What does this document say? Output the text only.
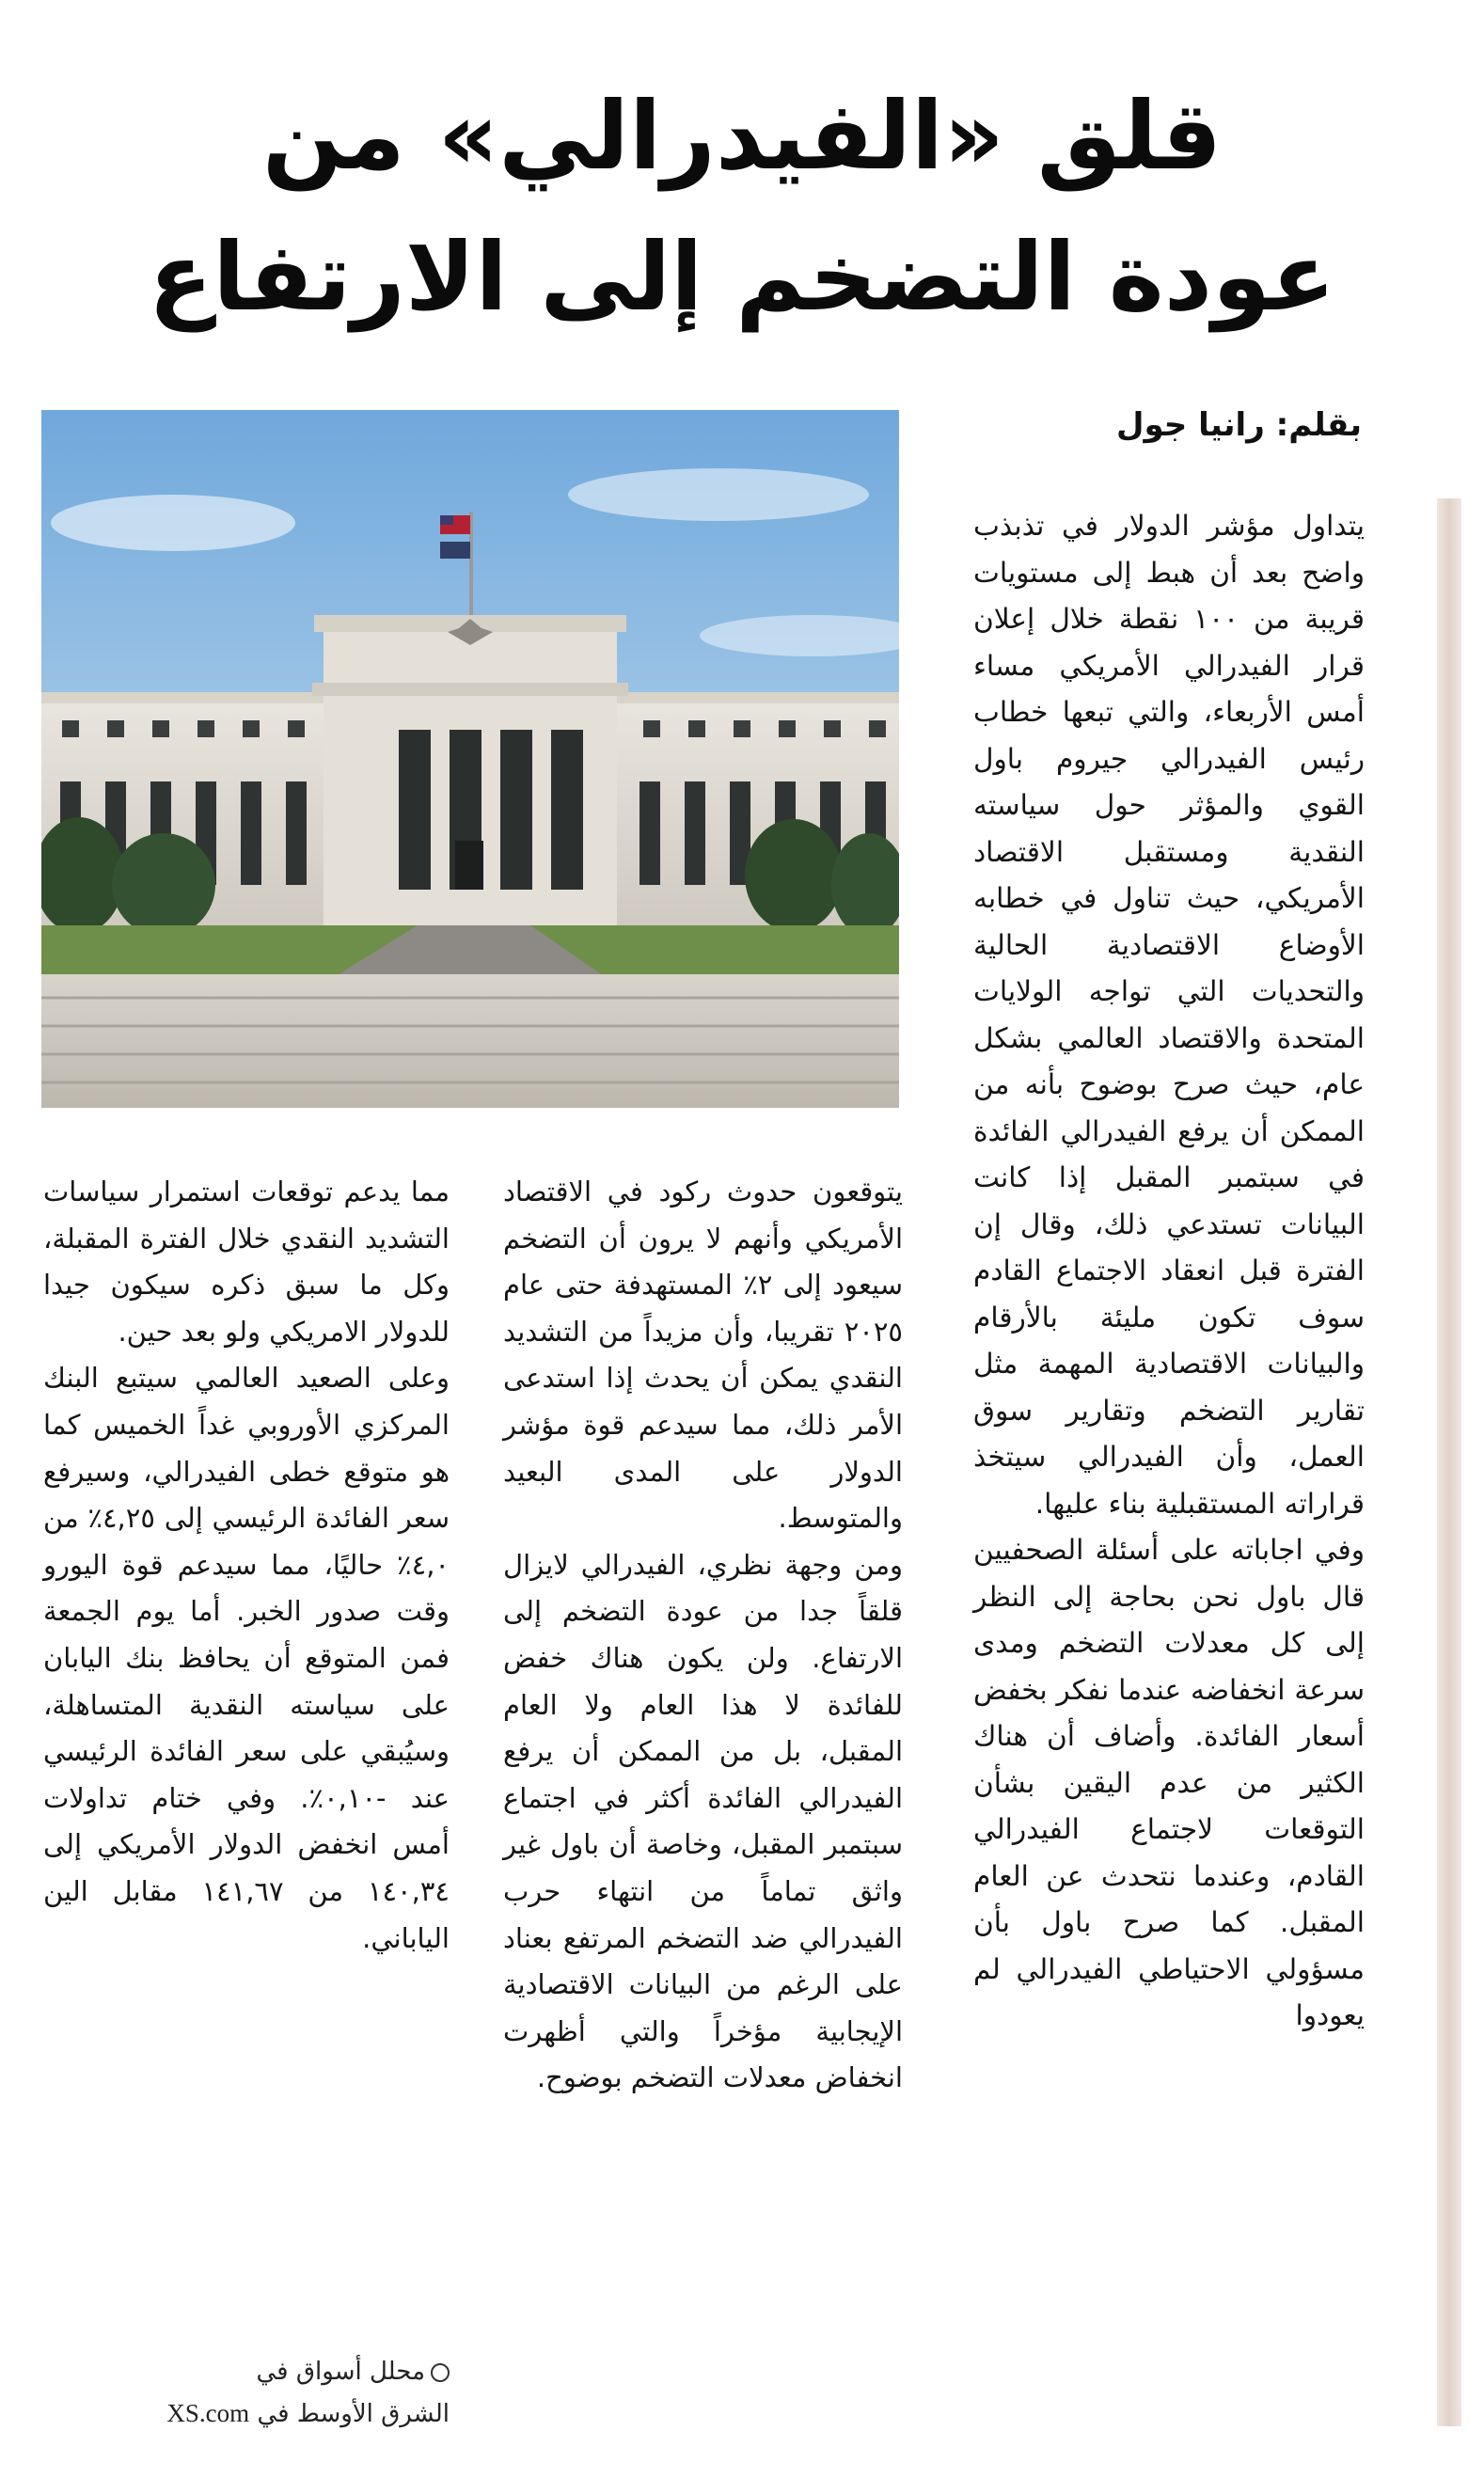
قلق «الفيدرالي» من
عودة التضخم إلى الارتفاع
بقلم: رانيا جول

يتداول مؤشر الدولار في تذبذب واضح بعد أن هبط إلى مستويات قريبة من ١٠٠ نقطة خلال إعلان قرار الفيدرالي الأمريكي مساء أمس الأربعاء، والتي تبعها خطاب رئيس الفيدرالي جيروم باول القوي والمؤثر حول سياسته النقدية ومستقبل الاقتصاد الأمريكي، حيث تناول في خطابه الأوضاع الاقتصادية الحالية والتحديات التي تواجه الولايات المتحدة والاقتصاد العالمي بشكل عام، حيث صرح بوضوح بأنه من الممكن أن يرفع الفيدرالي الفائدة في سبتمبر المقبل إذا كانت البيانات تستدعي ذلك، وقال إن الفترة قبل انعقاد الاجتماع القادم سوف تكون مليئة بالأرقام والبيانات الاقتصادية المهمة مثل تقارير التضخم وتقارير سوق العمل، وأن الفيدرالي سيتخذ قراراته المستقبلية بناء عليها.

وفي اجاباته على أسئلة الصحفيين قال باول نحن بحاجة إلى النظر إلى كل معدلات التضخم ومدى سرعة انخفاضه عندما نفكر بخفض أسعار الفائدة. وأضاف أن هناك الكثير من عدم اليقين بشأن التوقعات لاجتماع الفيدرالي القادم، وعندما نتحدث عن العام المقبل. كما صرح باول بأن مسؤولي الاحتياطي الفيدرالي لم يعودوا

يتوقعون حدوث ركود في الاقتصاد الأمريكي وأنهم لا يرون أن التضخم سيعود إلى ٢٪ المستهدفة حتى عام ٢٠٢٥ تقريبا، وأن مزيداً من التشديد النقدي يمكن أن يحدث إذا استدعى الأمر ذلك، مما سيدعم قوة مؤشر الدولار على المدى البعيد والمتوسط.

ومن وجهة نظري، الفيدرالي لايزال قلقاً جدا من عودة التضخم إلى الارتفاع. ولن يكون هناك خفض للفائدة لا هذا العام ولا العام المقبل، بل من الممكن أن يرفع الفيدرالي الفائدة أكثر في اجتماع سبتمبر المقبل، وخاصة أن باول غير واثق تماماً من انتهاء حرب الفيدرالي ضد التضخم المرتفع بعناد على الرغم من البيانات الاقتصادية الإيجابية مؤخراً والتي أظهرت انخفاض معدلات التضخم بوضوح.

مما يدعم توقعات استمرار سياسات التشديد النقدي خلال الفترة المقبلة، وكل ما سبق ذكره سيكون جيدا للدولار الامريكي ولو بعد حين.

وعلى الصعيد العالمي سيتبع البنك المركزي الأوروبي غداً الخميس كما هو متوقع خطى الفيدرالي، وسيرفع سعر الفائدة الرئيسي إلى ٤,٢٥٪ من ٤,٠٪ حاليًا، مما سيدعم قوة اليورو وقت صدور الخبر. أما يوم الجمعة فمن المتوقع أن يحافظ بنك اليابان على سياسته النقدية المتساهلة، وسيُبقي على سعر الفائدة الرئيسي عند -٠,١٠٪. وفي ختام تداولات أمس انخفض الدولار الأمريكي إلى ١٤٠,٣٤ من ١٤١,٦٧ مقابل الين الياباني.

محلل أسواق في
الشرق الأوسط في XS.com
